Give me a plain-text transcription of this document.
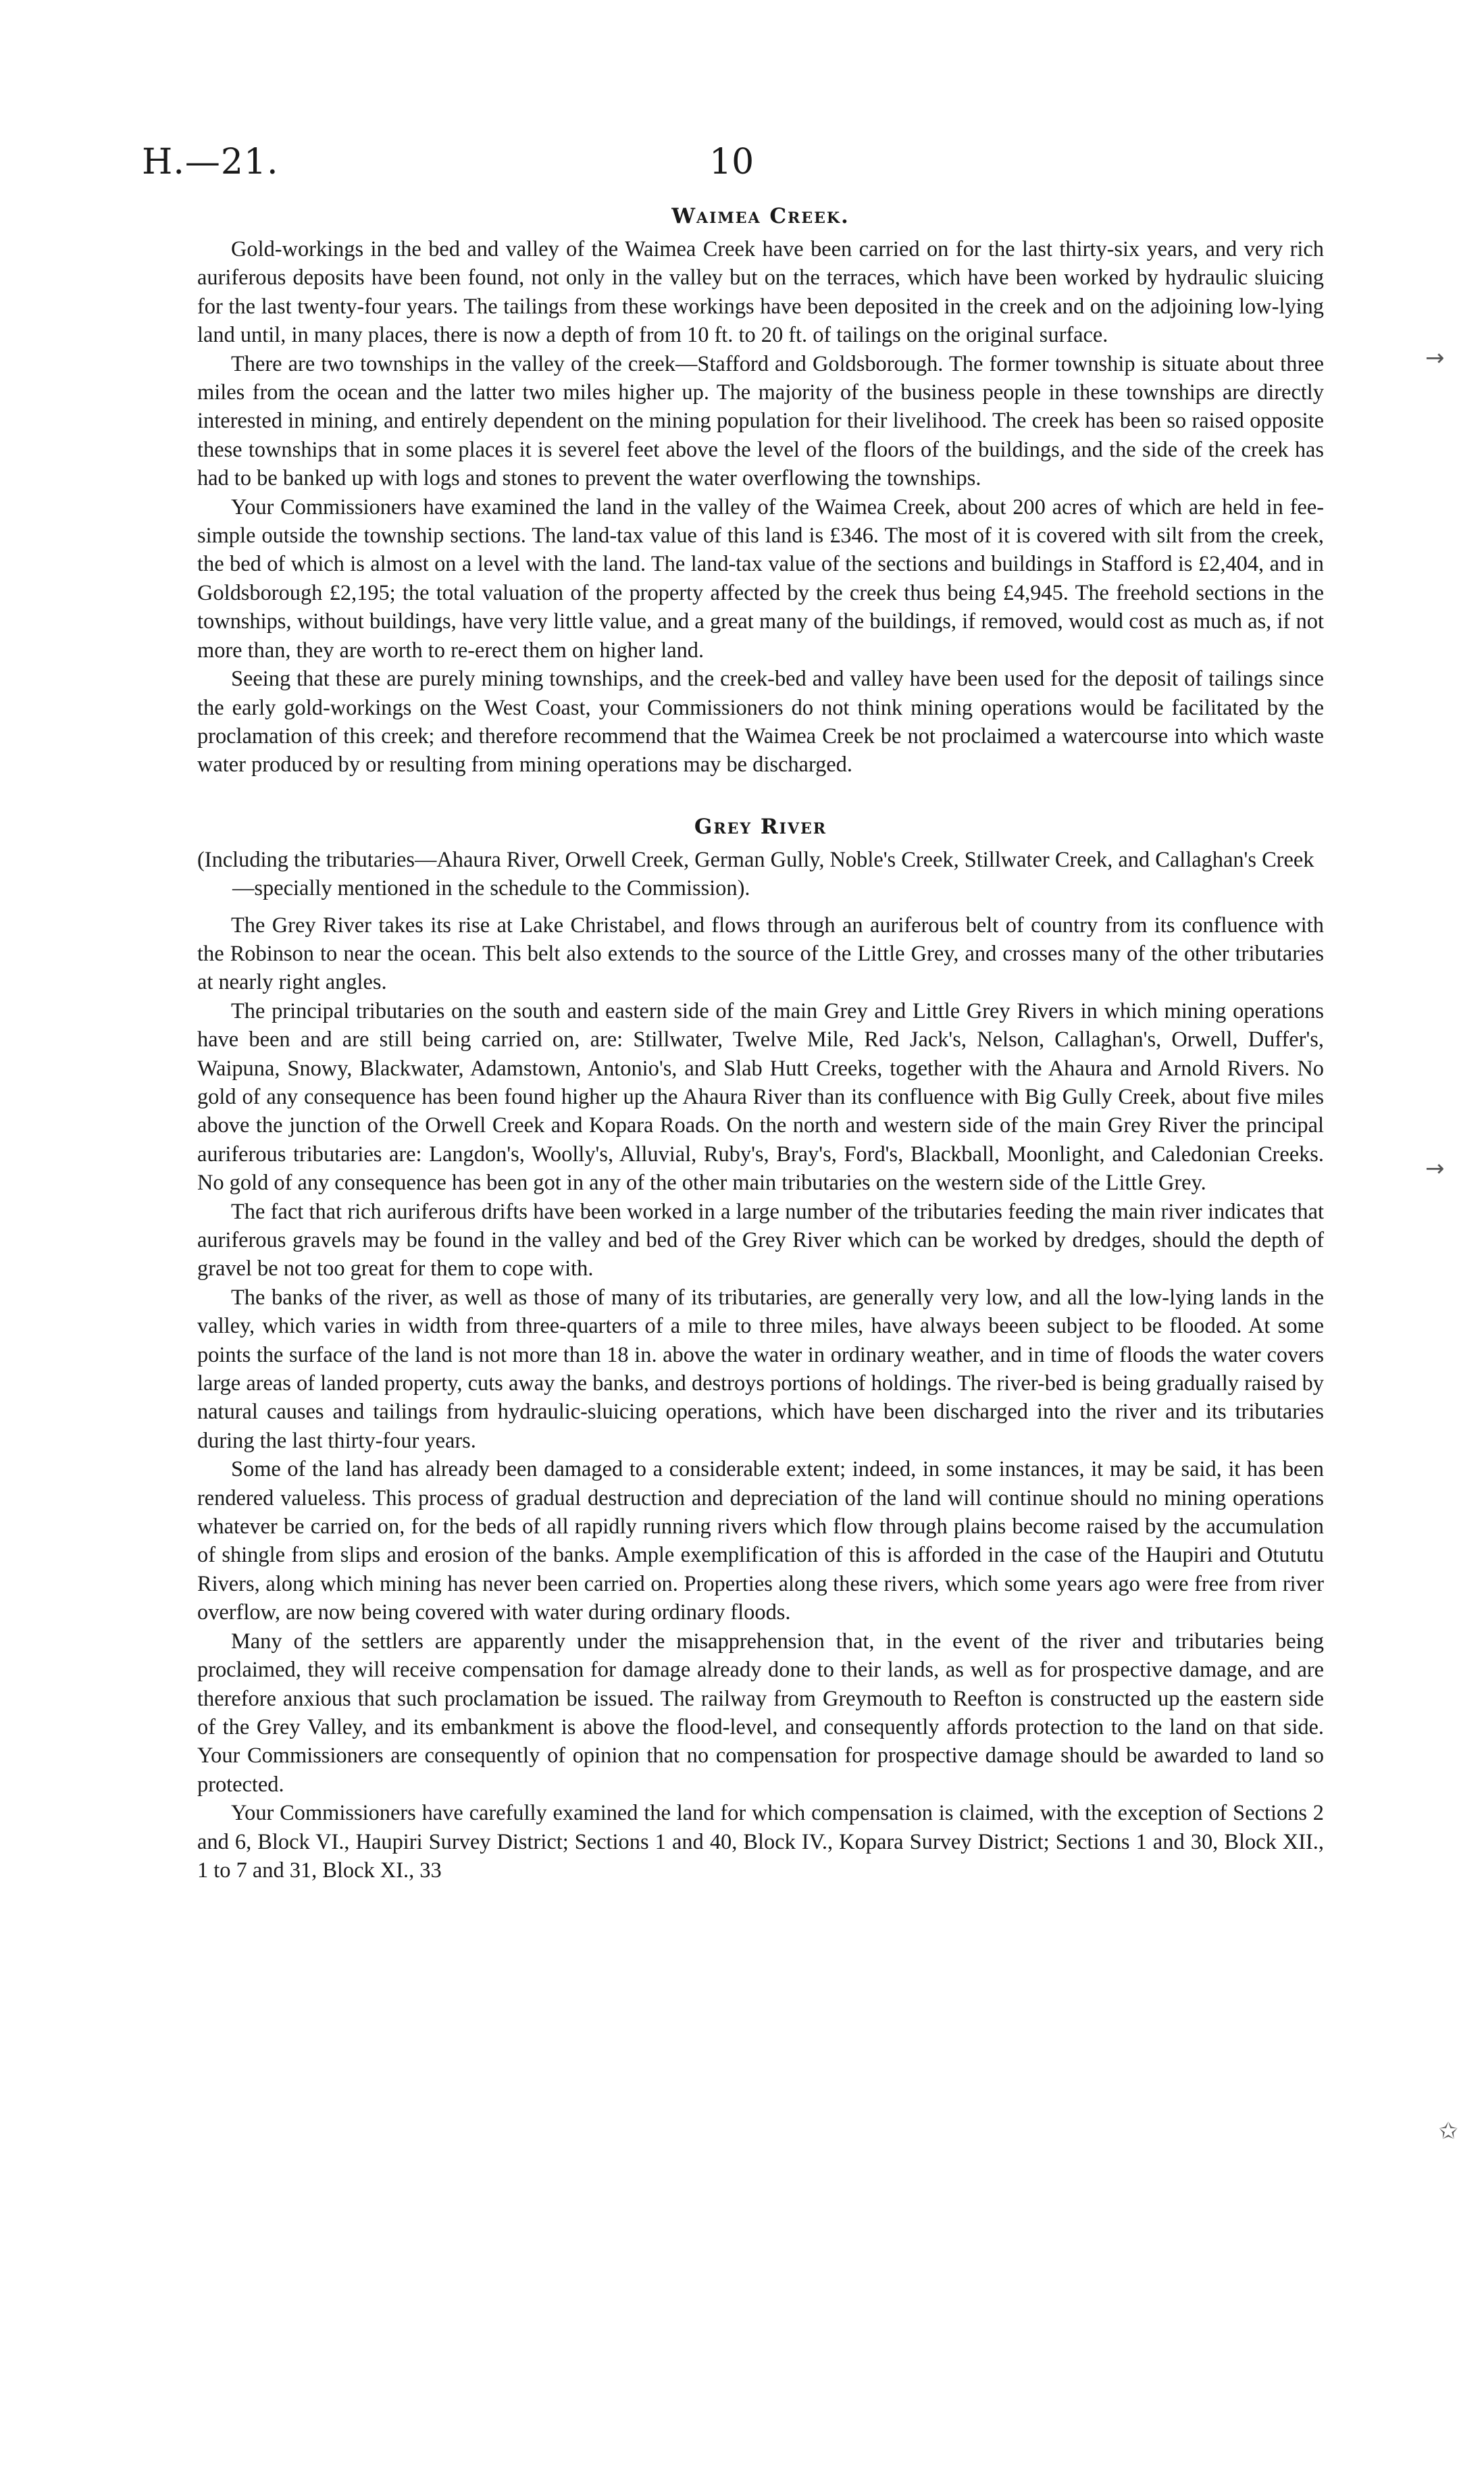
H.—21.	10
Waimea Creek.

Gold-workings in the bed and valley of the Waimea Creek have been carried on for the last thirty-six years, and very rich auriferous deposits have been found, not only in the valley but on the terraces, which have been worked by hydraulic sluicing for the last twenty-four years. The tailings from these workings have been deposited in the creek and on the adjoining low-lying land until, in many places, there is now a depth of from 10 ft. to 20 ft. of tailings on the original surface.

There are two townships in the valley of the creek—Stafford and Goldsborough. The former township is situate about three miles from the ocean and the latter two miles higher up. The majority of the business people in these townships are directly interested in mining, and entirely dependent on the mining population for their livelihood. The creek has been so raised opposite these townships that in some places it is severel feet above the level of the floors of the buildings, and the side of the creek has had to be banked up with logs and stones to prevent the water overflowing the townships.

Your Commissioners have examined the land in the valley of the Waimea Creek, about 200 acres of which are held in fee-simple outside the township sections. The land-tax value of this land is £346. The most of it is covered with silt from the creek, the bed of which is almost on a level with the land. The land-tax value of the sections and buildings in Stafford is £2,404, and in Goldsborough £2,195; the total valuation of the property affected by the creek thus being £4,945. The freehold sections in the townships, without buildings, have very little value, and a great many of the buildings, if removed, would cost as much as, if not more than, they are worth to re-erect them on higher land.

Seeing that these are purely mining townships, and the creek-bed and valley have been used for the deposit of tailings since the early gold-workings on the West Coast, your Commissioners do not think mining operations would be facilitated by the proclamation of this creek; and therefore recommend that the Waimea Creek be not proclaimed a watercourse into which waste water produced by or resulting from mining operations may be discharged.

Grey River

(Including the tributaries—Ahaura River, Orwell Creek, German Gully, Noble's Creek, Stillwater Creek, and Callaghan's Creek—specially mentioned in the schedule to the Commission).

The Grey River takes its rise at Lake Christabel, and flows through an auriferous belt of country from its confluence with the Robinson to near the ocean. This belt also extends to the source of the Little Grey, and crosses many of the other tributaries at nearly right angles.

The principal tributaries on the south and eastern side of the main Grey and Little Grey Rivers in which mining operations have been and are still being carried on, are: Stillwater, Twelve Mile, Red Jack's, Nelson, Callaghan's, Orwell, Duffer's, Waipuna, Snowy, Blackwater, Adamstown, Antonio's, and Slab Hutt Creeks, together with the Ahaura and Arnold Rivers. No gold of any consequence has been found higher up the Ahaura River than its confluence with Big Gully Creek, about five miles above the junction of the Orwell Creek and Kopara Roads. On the north and western side of the main Grey River the principal auriferous tributaries are: Langdon's, Woolly's, Alluvial, Ruby's, Bray's, Ford's, Blackball, Moonlight, and Caledonian Creeks. No gold of any consequence has been got in any of the other main tributaries on the western side of the Little Grey.

The fact that rich auriferous drifts have been worked in a large number of the tributaries feeding the main river indicates that auriferous gravels may be found in the valley and bed of the Grey River which can be worked by dredges, should the depth of gravel be not too great for them to cope with.

The banks of the river, as well as those of many of its tributaries, are generally very low, and all the low-lying lands in the valley, which varies in width from three-quarters of a mile to three miles, have always beeen subject to be flooded. At some points the surface of the land is not more than 18 in. above the water in ordinary weather, and in time of floods the water covers large areas of landed property, cuts away the banks, and destroys portions of holdings. The river-bed is being gradually raised by natural causes and tailings from hydraulic-sluicing operations, which have been discharged into the river and its tributaries during the last thirty-four years.

Some of the land has already been damaged to a considerable extent; indeed, in some instances, it may be said, it has been rendered valueless. This process of gradual destruction and depreciation of the land will continue should no mining operations whatever be carried on, for the beds of all rapidly running rivers which flow through plains become raised by the accumulation of shingle from slips and erosion of the banks. Ample exemplification of this is afforded in the case of the Haupiri and Otututu Rivers, along which mining has never been carried on. Properties along these rivers, which some years ago were free from river overflow, are now being covered with water during ordinary floods.

Many of the settlers are apparently under the misapprehension that, in the event of the river and tributaries being proclaimed, they will receive compensation for damage already done to their lands, as well as for prospective damage, and are therefore anxious that such proclamation be issued. The railway from Greymouth to Reefton is constructed up the eastern side of the Grey Valley, and its embankment is above the flood-level, and consequently affords protection to the land on that side. Your Commissioners are consequently of opinion that no compensation for prospective damage should be awarded to land so protected.

Your Commissioners have carefully examined the land for which compensation is claimed, with the exception of Sections 2 and 6, Block VI., Haupiri Survey District; Sections 1 and 40, Block IV., Kopara Survey District; Sections 1 and 30, Block XII., 1 to 7 and 31, Block XI., 33

→
→
✩
